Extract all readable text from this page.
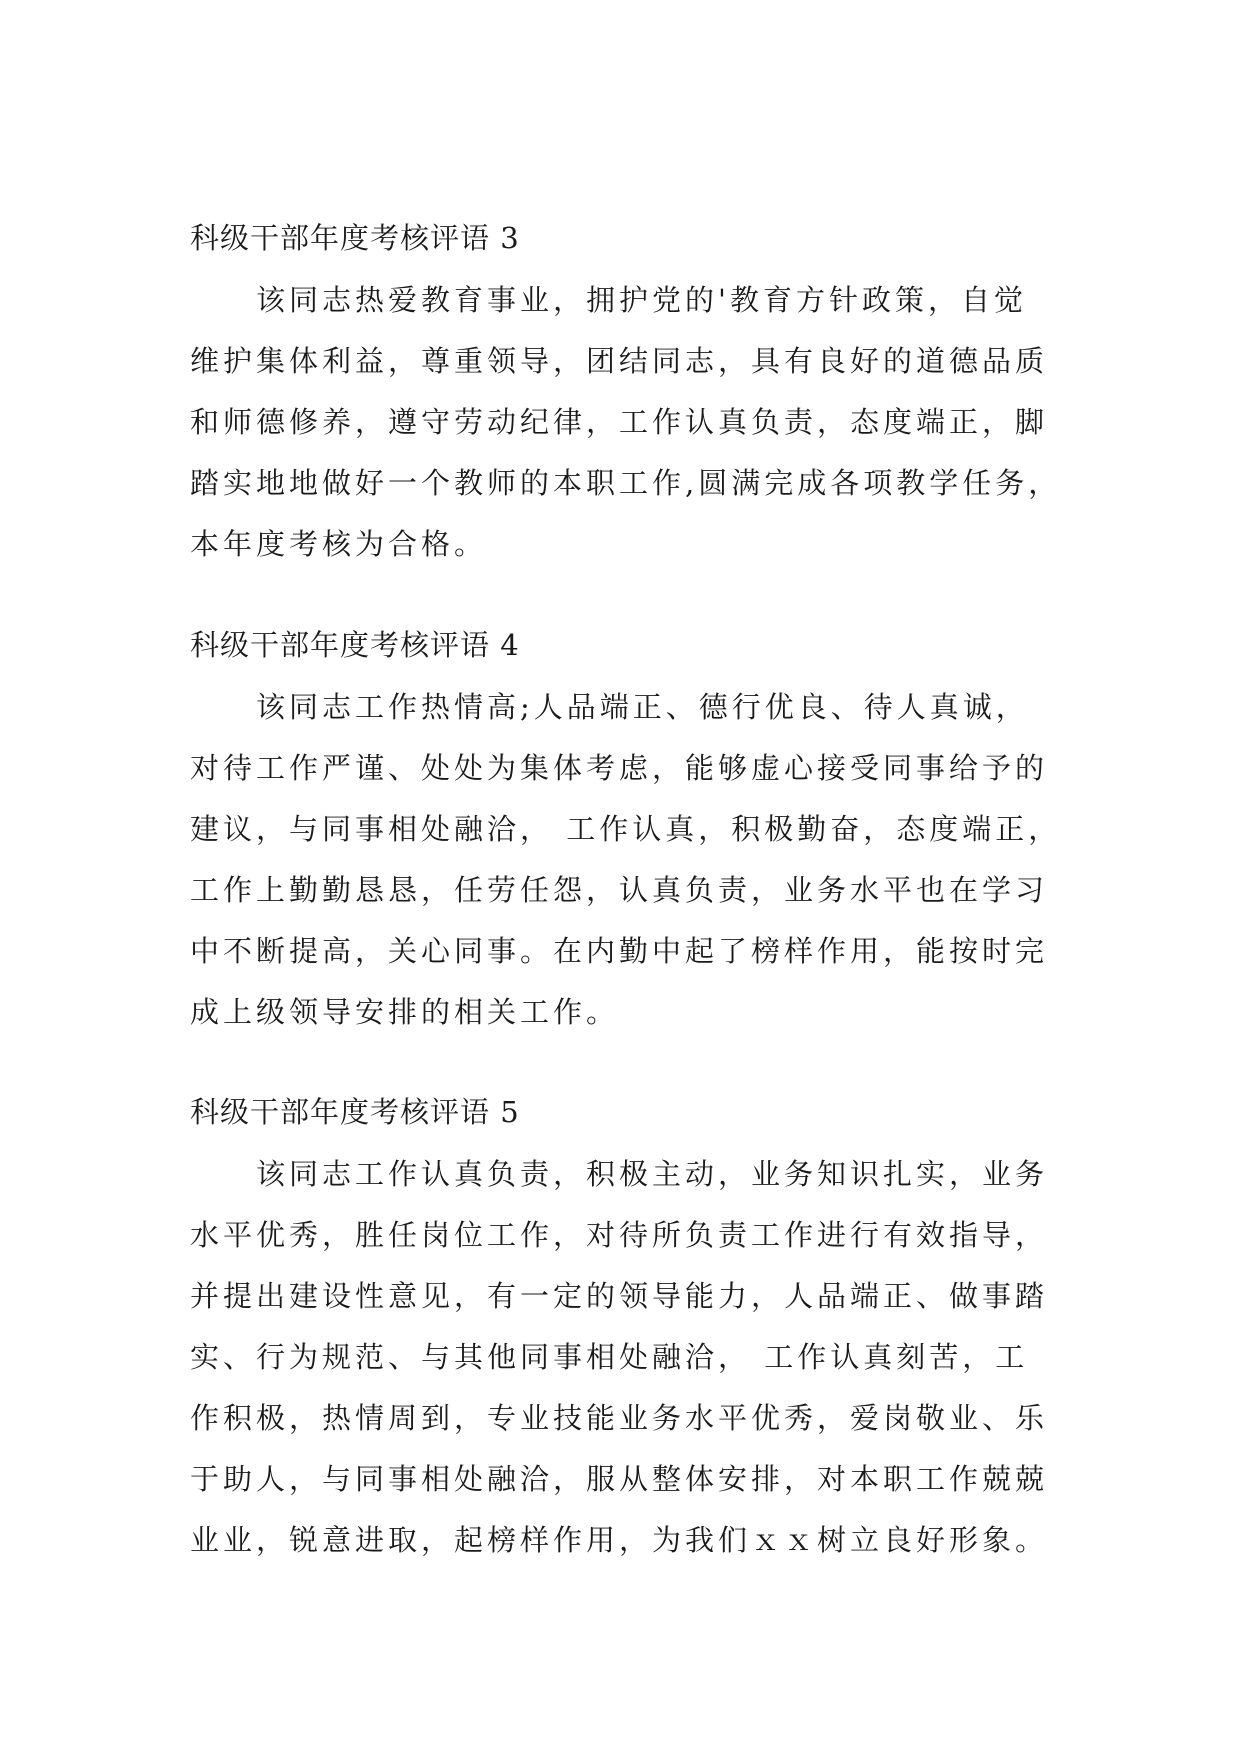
科级干部年度考核评语 3
该同志热爱教育事业，拥护党的'教育方针政策，自觉
维护集体利益，尊重领导，团结同志，具有良好的道德品质
和师德修养，遵守劳动纪律，工作认真负责，态度端正，脚
踏实地地做好一个教师的本职工作,圆满完成各项教学任务，
本年度考核为合格。
科级干部年度考核评语 4
该同志工作热情高;人品端正、德行优良、待人真诚，
对待工作严谨、处处为集体考虑，能够虚心接受同事给予的
建议，与同事相处融洽， 工作认真，积极勤奋，态度端正，
工作上勤勤恳恳，任劳任怨，认真负责，业务水平也在学习
中不断提高，关心同事。在内勤中起了榜样作用，能按时完
成上级领导安排的相关工作。
科级干部年度考核评语 5
该同志工作认真负责，积极主动，业务知识扎实，业务
水平优秀，胜任岗位工作，对待所负责工作进行有效指导，
并提出建设性意见，有一定的领导能力，人品端正、做事踏
实、行为规范、与其他同事相处融洽， 工作认真刻苦，工
作积极，热情周到，专业技能业务水平优秀，爱岗敬业、乐
于助人，与同事相处融洽，服从整体安排，对本职工作兢兢
业业，锐意进取，起榜样作用，为我们ｘｘ树立良好形象。
